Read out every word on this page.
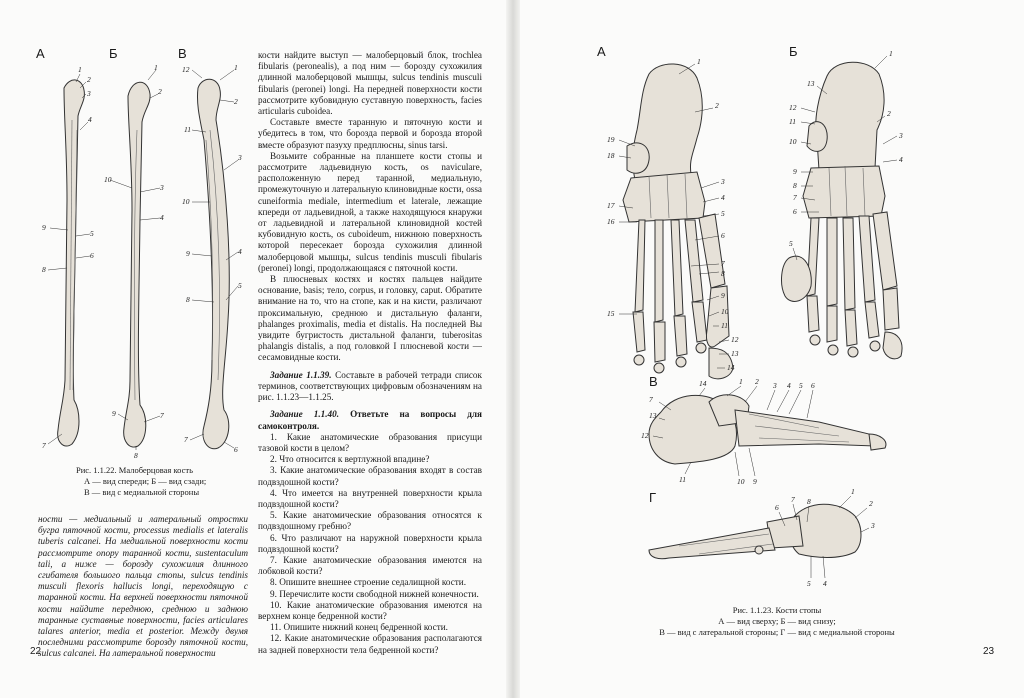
А	Б	В
1
2
3
4
5
6
9
8
7
1
2
3
4
10
9
8
7
12	1
2
11
10
3
9	4
8
5
6
7
Рис. 1.1.22. Малоберцовая кость
А — вид спереди; Б — вид сзади;
В — вид с медиальной стороны
ности — медиальный и латеральный отростки бугра пяточной кости, processus medialis et lateralis tuberis calcanei. На медиальной поверхности кости рассмотрите опору таранной кости, sustentaculum tali, а ниже — борозду сухожилия длинного сгибателя большого пальца стопы, sulcus tendinis musculi flexoris hallucis longi, переходящую с таранной кости. На верхней поверхности пяточной кости найдите переднюю, среднюю и заднюю таранные суставные поверхности, facies articulares talares anterior, media et posterior. Между двумя последними рассмотрите борозду пяточной кости, sulcus calcanei. На латеральной поверхности

кости найдите выступ — малоберцовый блок, trochlea fibularis (peronealis), а под ним — борозду сухожилия длинной малоберцовой мышцы, sulcus tendinis musculi fibularis (peronei) longi. На передней поверхности кости рассмотрите кубовидную суставную поверхность, facies articularis cuboidea.

Составьте вместе таранную и пяточную кости и убедитесь в том, что борозда первой и борозда второй вместе образуют пазуху предплюсны, sinus tarsi.

Возьмите собранные на планшете кости стопы и рассмотрите ладьевидную кость, os naviculare, расположенную перед таранной, медиальную, промежуточную и латеральную клиновидные кости, ossa cuneiformia mediale, intermedium et laterale, лежащие кпереди от ладьевидной, а также находящуюся кнаружи от ладьевидной и латеральной клиновидной костей кубовидную кость, os cuboideum, нижнюю поверхность которой пересекает борозда сухожилия длинной малоберцовой мышцы, sulcus tendinis musculi fibularis (peronei) longi, продолжающаяся с пяточной кости.

В плюсневых костях и костях пальцев найдите основание, basis; тело, corpus, и головку, caput. Обратите внимание на то, что на стопе, как и на кисти, различают проксимальную, среднюю и дистальную фаланги, phalanges proximalis, media et distalis. На последней Вы увидите бугристость дистальной фаланги, tuberositas phalangis distalis, а под головкой I плюсневой кости — сесамовидные кости.

Задание 1.1.39. Составьте в рабочей тетради список терминов, соответствующих цифровым обозначениям на рис. 1.1.23—1.1.25.

Задание 1.1.40. Ответьте на вопросы для самоконтроля.

1. Какие анатомические образования присущи тазовой кости в целом?

2. Что относится к вертлужной впадине?

3. Какие анатомические образования входят в состав подвздошной кости?

4. Что имеется на внутренней поверхности крыла подвздошной кости?

5. Какие анатомические образования относятся к подвздошному гребню?

6. Что различают на наружной поверхности крыла подвздошной кости?

7. Какие анатомические образования имеются на лобковой кости?

8. Опишите внешнее строение седалищной кости.

9. Перечислите кости свободной нижней конечности.

10. Какие анатомические образования имеются на верхнем конце бедренной кости?

11. Опишите нижний конец бедренной кости.

12. Какие анатомические образования располагаются на задней поверхности тела бедренной кости?

22
А	Б
В
Г
1
2
19
18
3
4
5
17
16
6
7
8
9
10
15
11
12
13
14
1
13
12
11
2
10
3
4
9
8
7
6
5
14	1 2 3 4 5 6
7
13
12
11	10 9
6
7 8
1
2
3
5 4
Рис. 1.1.23. Кости стопы
А — вид сверху; Б — вид снизу;
В — вид с латеральной стороны; Г — вид с медиальной стороны
23
